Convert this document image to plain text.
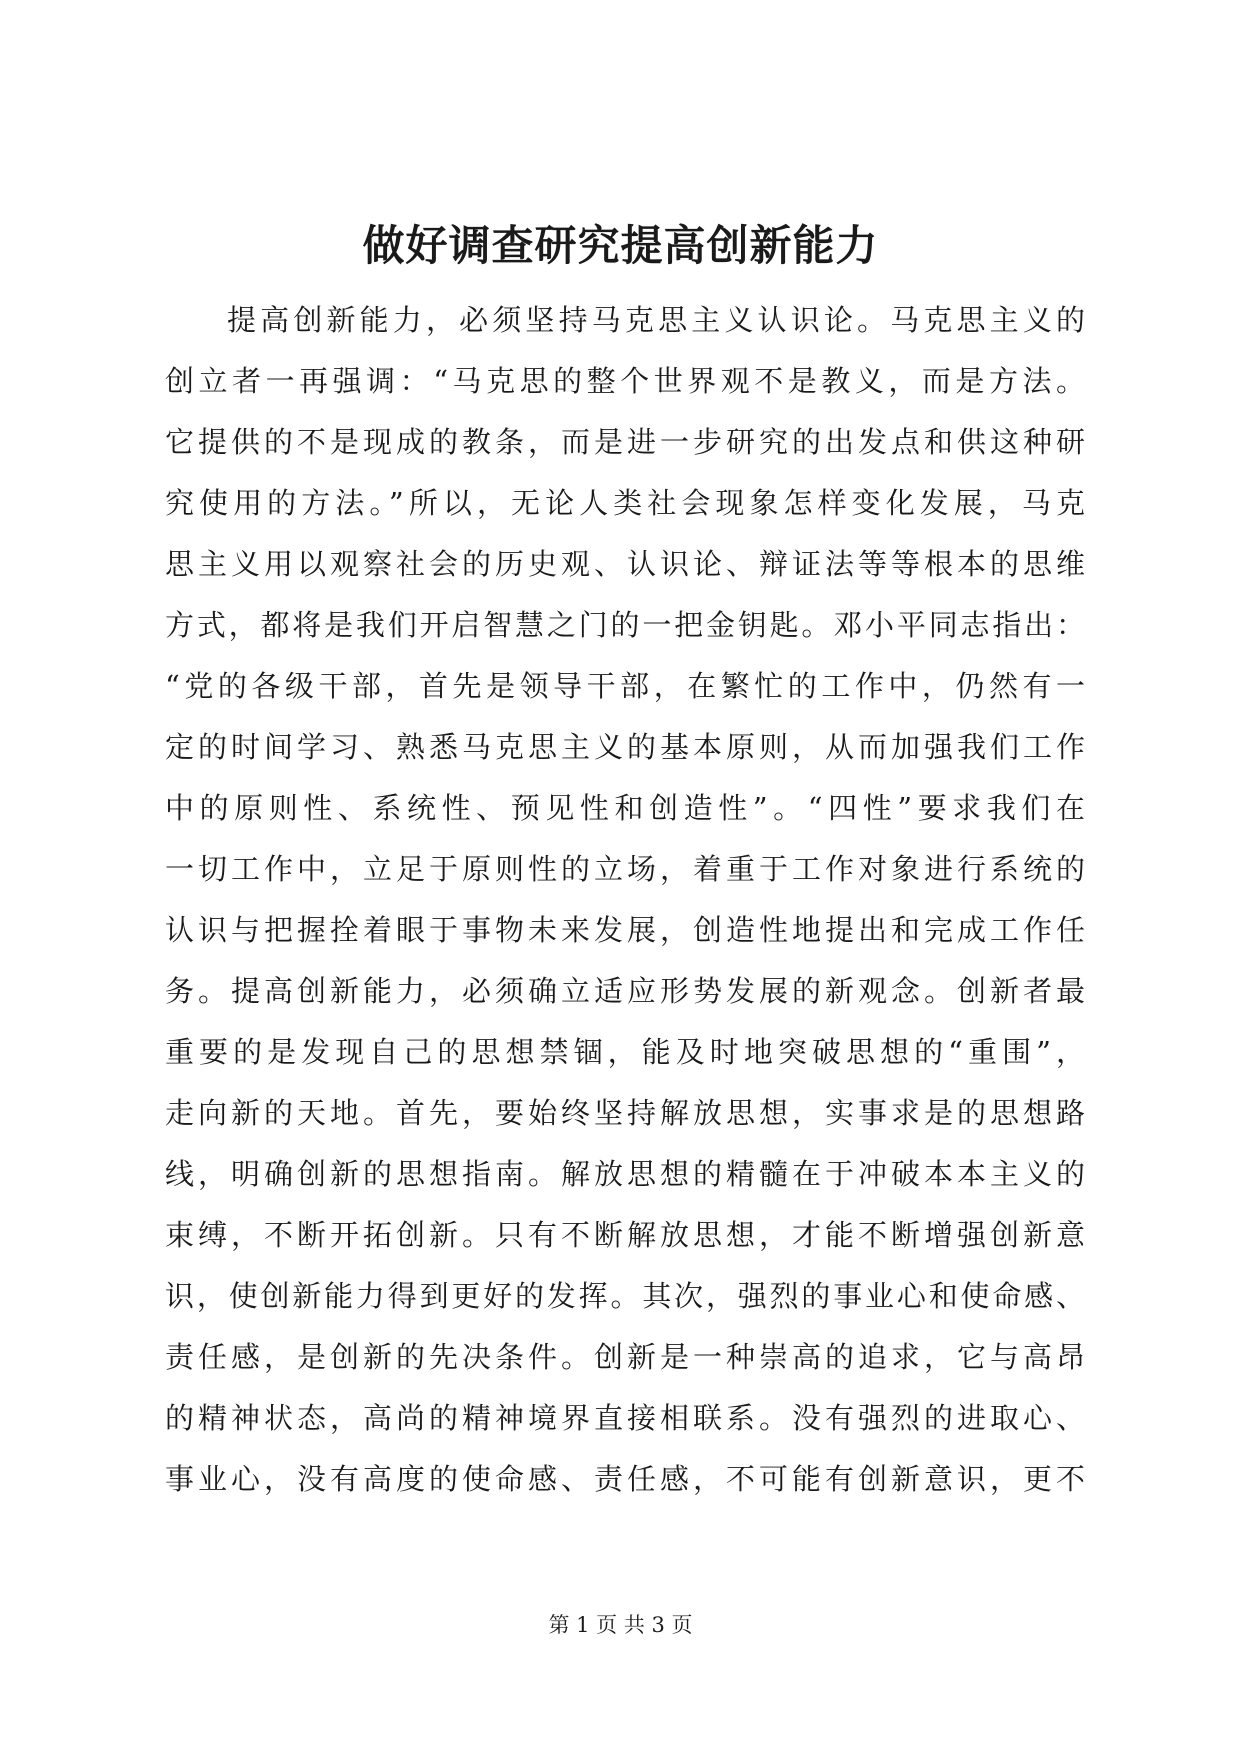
做好调查研究提高创新能力
提高创新能力，必须坚持马克思主义认识论。马克思主义的
创立者一再强调：“马克思的整个世界观不是教义，而是方法。
它提供的不是现成的教条，而是进一步研究的出发点和供这种研
究使用的方法。”所以，无论人类社会现象怎样变化发展，马克
思主义用以观察社会的历史观、认识论、辩证法等等根本的思维
方式，都将是我们开启智慧之门的一把金钥匙。邓小平同志指出：
“党的各级干部，首先是领导干部，在繁忙的工作中，仍然有一
定的时间学习、熟悉马克思主义的基本原则，从而加强我们工作
中的原则性、系统性、预见性和创造性”。“四性”要求我们在
一切工作中，立足于原则性的立场，着重于工作对象进行系统的
认识与把握拴着眼于事物未来发展，创造性地提出和完成工作任
务。提高创新能力，必须确立适应形势发展的新观念。创新者最
重要的是发现自己的思想禁锢，能及时地突破思想的“重围”，
走向新的天地。首先，要始终坚持解放思想，实事求是的思想路
线，明确创新的思想指南。解放思想的精髓在于冲破本本主义的
束缚，不断开拓创新。只有不断解放思想，才能不断增强创新意
识，使创新能力得到更好的发挥。其次，强烈的事业心和使命感、
责任感，是创新的先决条件。创新是一种崇高的追求，它与高昂
的精神状态，高尚的精神境界直接相联系。没有强烈的进取心、
事业心，没有高度的使命感、责任感，不可能有创新意识，更不
第 1 页 共 3 页
